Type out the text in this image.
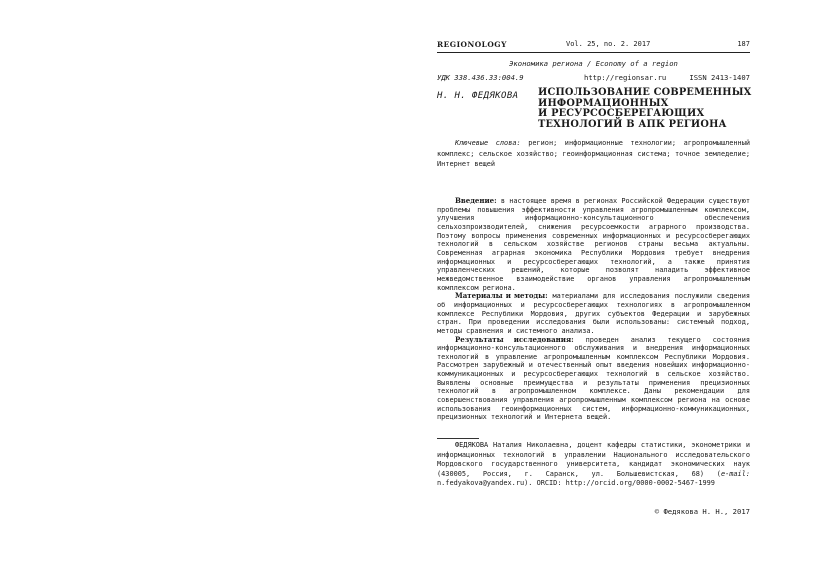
REGIONOLOGY	Vol. 25, no. 2. 2017	187
Экономика региона / Economy of a region
УДК 338.436.33:004.9	http://regionsar.ru	ISSN 2413-1407
Н. Н. ФЕДЯКОВА ИСПОЛЬЗОВАНИЕ СОВРЕМЕННЫХ
ИНФОРМАЦИОННЫХ
И РЕСУРСОСБЕРЕГАЮЩИХ
ТЕХНОЛОГИЙ В АПК РЕГИОНА
Ключевые слова: регион; информационные технологии; агропромышленный комплекс; сельское хозяйство; геоинформационная система; точное земледелие; Интернет вещей

Введение: в настоящее время в регионах Российской Федерации существуют проблемы повышения эффективности управления агропромышленным комплексом, улучшения информационно-консультационного обеспечения сельхозпроизводителей, снижения ресурсоемкости аграрного производства. Поэтому вопросы применения современных информационных и ресурсосберегающих технологий в сельском хозяйстве регионов страны весьма актуальны. Современная аграрная экономика Республики Мордовия требует внедрения информационных и ресурсосберегающих технологий, а также принятия управленческих решений, которые позволят наладить эффективное межведомственное взаимодействие органов управления агропромышленным комплексом региона.

Материалы и методы: материалами для исследования послужили сведения об информационных и ресурсосберегающих технологиях в агропромышленном комплексе Республики Мордовия, других субъектов Федерации и зарубежных стран. При проведении исследования были использованы: системный подход, методы сравнения и системного анализа.

Результаты исследования: проведен анализ текущего состояния информационно-консультационного обслуживания и внедрения информационных технологий в управление агропромышленным комплексом Республики Мордовия. Рассмотрен зарубежный и отечественный опыт введения новейших информационно-коммуникационных и ресурсосберегающих технологий в сельское хозяйство. Выявлены основные преимущества и результаты применения прецизионных технологий в агропромышленном комплексе. Даны рекомендации для совершенствования управления агропромышленным комплексом региона на основе использования геоинформационных систем, информационно-коммуникационных, прецизионных технологий и Интернета вещей.

ФЕДЯКОВА Наталия Николаевна, доцент кафедры статистики, эконометрики и информационных технологий в управлении Национального исследовательского Мордовского государственного университета, кандидат экономических наук (430005, Россия, г. Саранск, ул. Большевистская, 68) (e-mail: n.fedyakova@yandex.ru). ORCID: http://orcid.org/0000-0002-5467-1999

© Федякова Н. Н., 2017
